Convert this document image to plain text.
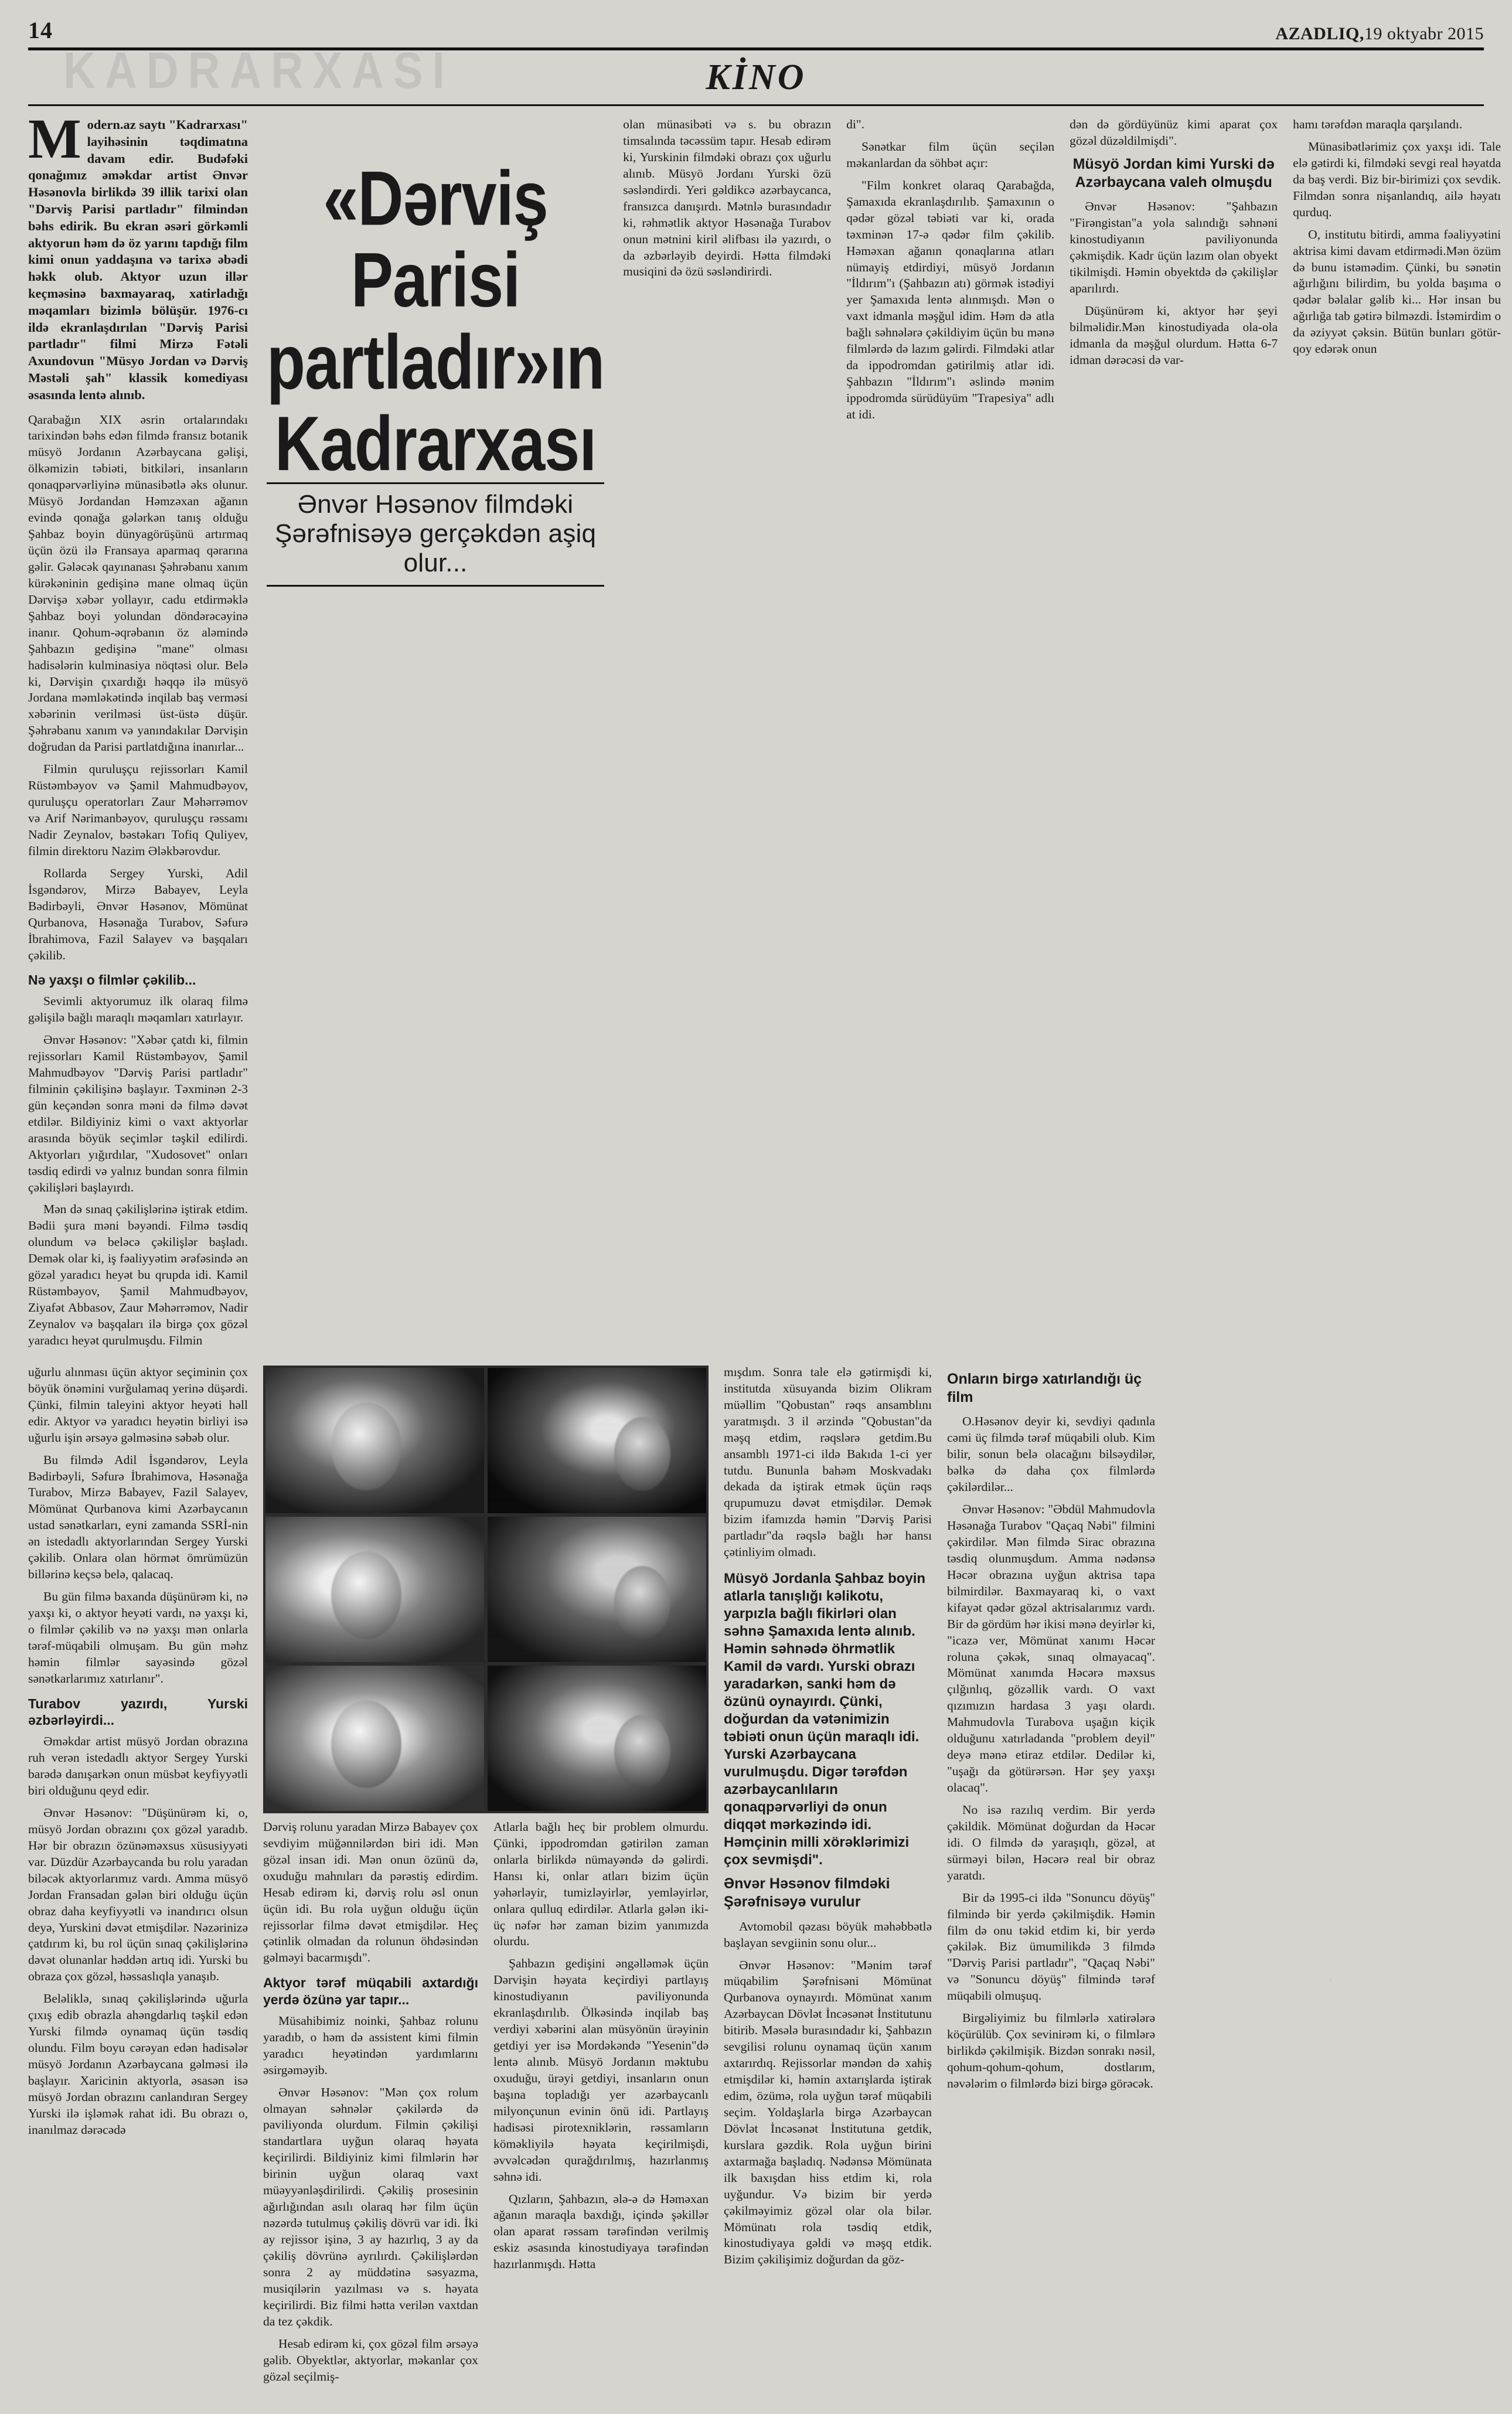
14	AZADLIQ,19 oktyabr 2015
KADRARXASI	KİNO
Modern.az saytı "Kadrarxası" layihəsinin təqdimatına davam edir. Budəfəki qonağımız əməkdar artist Ənvər Həsənovla birlikdə 39 illik tarixi olan "Dərviş Parisi partladır" filmindən bəhs edirik. Bu ekran əsəri görkəmli aktyorun həm də öz yarını tapdığı film kimi onun yaddaşına və tarixə əbədi həkk olub. Aktyor uzun illər keçməsinə baxmayaraq, xatirladığı məqamları bizimlə bölüşür. 1976-cı ildə ekranlaşdırılan "Dərviş Parisi partladır" filmi Mirzə Fətəli Axundovun "Müsyo Jordan və Dərviş Məstəli şah" klassik komediyası əsasında lentə alınıb.

Qarabağın XIX əsrin ortalarındakı tarixindən bəhs edən filmdə fransız botanik müsyö Jordanın Azərbaycana gəlişi, ölkəmizin təbiəti, bitkiləri, insanların qonaqpərvərliyinə münasibətlə əks olunur. Müsyö Jordandan Həmzəxan ağanın evində qonağa gələrkən tanış olduğu Şahbaz boyin dünyagörüşünü artırmaq üçün özü ilə Fransaya aparmaq qərarına gəlir. Gələcək qayınanası Şəhrəbanu xanım kürəkəninin gedişinə mane olmaq üçün Dərvişə xəbər yollayır, cadu etdirməklə Şahbaz boyi yolundan döndərəcəyinə inanır. Qohum-əqrəbanın öz aləmində Şahbazın gedişinə "mane" olması hadisələrin kulminasiya nöqtəsi olur. Belə ki, Dərvişin çıxardığı həqqə ilə müsyö Jordana məmləkətində inqilab baş verməsi xəbərinin verilməsi üst-üstə düşür. Şəhrəbanu xanım və yanındakılar Dərvişin doğrudan da Parisi partlatdığına inanırlar...

Filmin quruluşçu rejissorları Kamil Rüstəmbəyov və Şamil Mahmudbəyov, quruluşçu operatorları Zaur Məhərrəmov və Arif Nərimanbəyov, quruluşçu rəssamı Nadir Zeynalov, bəstəkarı Tofiq Quliyev, filmin direktoru Nazim Ələkbərovdur.

Rollarda Sergey Yurski, Adil İsgəndərov, Mirzə Babayev, Leyla Bədirbəyli, Ənvər Həsənov, Mömünat Qurbanova, Həsənağa Turabov, Səfurə İbrahimova, Fazil Salayev və başqaları çəkilib.

Nə yaxşı o filmlər çəkilib...

Sevimli aktyorumuz ilk olaraq filmə gəlişilə bağlı maraqlı məqamları xatırlayır.

Ənvər Həsənov: "Xəbər çatdı ki, filmin rejissorları Kamil Rüstəmbəyov, Şamil Mahmudbəyov "Dərviş Parisi partladır" filminin çəkilişinə başlayır. Təxminən 2-3 gün keçəndən sonra məni də filmə dəvət etdilər. Bildiyiniz kimi o vaxt aktyorlar arasında böyük seçimlər təşkil edilirdi. Aktyorları yığırdılar, "Xudosovet" onları təsdiq edirdi və yalnız bundan sonra filmin çəkilişləri başlayırdı.

Mən də sınaq çəkilişlərinə iştirak etdim. Bədii şura məni bəyəndi. Filmə təsdiq olundum və beləcə çəkilişlər başladı. Demək olar ki, iş fəaliyyətim ərəfəsində ən gözəl yaradıcı heyət bu qrupda idi. Kamil Rüstəmbəyov, Şamil Mahmudbəyov, Ziyafət Abbasov, Zaur Məhərrəmov, Nadir Zeynalov və başqaları ilə birgə çox gözəl yaradıcı heyət qurulmuşdu. Filmin

«Dərviş Parisi
partladır»ın Kadrarxası
Ənvər Həsənov filmdəki Şərəfnisəyə gerçəkdən aşiq olur...

olan münasibəti və s. bu obrazın timsalında təcəssüm tapır. Hesab edirəm ki, Yurskinin filmdəki obrazı çox uğurlu alınıb. Müsyö Jordanı Yurski özü səsləndirdi. Yeri gəldikcə azərbaycanca, fransızca danışırdı. Mətnlə burasındadır ki, rəhmətlik aktyor Həsənağa Turabov onun mətnini kiril əlifbası ilə yazırdı, o da əzbərləyib deyirdi. Hətta filmdəki musiqini də özü səsləndirirdi.

di".

Sənətkar film üçün seçilən məkanlardan da söhbət açır:

"Film konkret olaraq Qarabağda, Şamaxıda ekranlaşdırılıb. Şamaxının o qədər gözəl təbiəti var ki, orada təxminən 17-ə qədər film çəkilib. Həməxan ağanın qonaqlarına atları nümayiş etdirdiyi, müsyö Jordanın "İldırım"ı (Şahbazın atı) görmək istədiyi yer Şamaxıda lentə alınmışdı. Mən o vaxt idmanla məşğul idim. Həm də atla bağlı səhnələrə çəkildiyim üçün bu mənə filmlərdə də lazım gəlirdi. Filmdəki atlar da ippodromdan gətirilmiş atlar idi. Şahbazın "İldırım"ı əslində mənim ippodromda sürüdüyüm "Trapesiya" adlı at idi.

dən də gördüyünüz kimi aparat çox gözəl düzəldilmişdi".

Müsyö Jordan kimi Yurski də Azərbaycana valeh olmuşdu

Ənvər Həsənov: "Şahbazın "Firəngistan"a yola salındığı səhnəni kinostudiyanın paviliyonunda çəkmişdik. Kadr üçün lazım olan obyekt tikilmişdi. Həmin obyektdə də çəkilişlər aparılırdı.

Düşünürəm ki, aktyor hər şeyi bilməlidir.Mən kinostudiyada ola-ola idmanla da məşğul olurdum. Hətta 6-7 idman dərəcəsi də var-

hamı tərəfdən maraqla qarşılandı.

Münasibətlərimiz çox yaxşı idi. Tale elə gətirdi ki, filmdəki sevgi real həyatda da baş verdi. Biz bir-birimizi çox sevdik. Filmdən sonra nişanlandıq, ailə həyatı qurduq.

O, institutu bitirdi, amma fəaliyyətini aktrisa kimi davam etdirmədi.Mən özüm də bunu istəmədim. Çünki, bu sənətin ağırlığını bilirdim, bu yolda başıma o qədər bəlalar gəlib ki... Hər insan bu ağırlığa tab gətirə bilməzdi. İstəmirdim o da əziyyət çəksin. Bütün bunları götür-qoy edərək onun

uğurlu alınması üçün aktyor seçiminin çox böyük önəmini vurğulamaq yerinə düşərdi. Çünki, filmin taleyini aktyor heyəti həll edir. Aktyor və yaradıcı heyətin birliyi isə uğurlu işin ərsəyə gəlməsinə səbəb olur.

Bu filmdə Adil İsgəndərov, Leyla Bədirbəyli, Səfurə İbrahimova, Həsənağa Turabov, Mirzə Babayev, Fazil Salayev, Mömünat Qurbanova kimi Azərbaycanın ustad sənətkarları, eyni zamanda SSRİ-nin ən istedadlı aktyorlarından Sergey Yurski çəkilib. Onlara olan hörmət ömrümüzün billərinə keçsə belə, qalacaq.

Bu gün filmə baxanda düşünürəm ki, nə yaxşı ki, o aktyor heyəti vardı, nə yaxşı ki, o filmlər çəkilib və nə yaxşı mən onlarla tərəf-müqabili olmuşam. Bu gün məhz həmin filmlər sayəsində gözəl sənətkarlarımız xatırlanır".

Turabov yazırdı, Yurski əzbərləyirdi...

Əməkdar artist müsyö Jordan obrazına ruh verən istedadlı aktyor Sergey Yurski barədə danışarkən onun müsbət keyfiyyətli biri olduğunu qeyd edir.

Ənvər Həsənov: "Düşünürəm ki, o, müsyö Jordan obrazını çox gözəl yaradıb. Hər bir obrazın özünəməxsus xüsusiyyəti var. Düzdür Azərbaycanda bu rolu yaradan biləcək aktyorlarımız vardı. Amma müsyö Jordan Fransadan gələn biri olduğu üçün obraz daha keyfiyyətli və inandırıcı olsun deyə, Yurskini dəvət etmişdilər. Nəzərinizə çatdırım ki, bu rol üçün sınaq çəkilişlərinə dəvət olunanlar həddən artıq idi. Yurski bu obraza çox gözəl, həssaslıqla yanaşıb.

Beləliklə, sınaq çəkilişlərində uğurla çıxış edib obrazla ahəngdarlıq təşkil edən Yurski filmdə oynamaq üçün təsdiq olundu. Film boyu cərəyan edən hadisələr müsyö Jordanın Azərbaycana gəlməsi ilə başlayır. Xaricinin aktyorla, əsasən isə müsyö Jordan obrazını canlandıran Sergey Yurski ilə işləmək rahat idi. Bu obrazı o, inanılmaz dərəcədə

Dərviş rolunu yaradan Mirzə Babayev çox sevdiyim müğənnilərdən biri idi. Mən gözəl insan idi. Mən onun özünü də, oxuduğu mahnıları da pərəstiş edirdim. Hesab edirəm ki, dərviş rolu əsl onun üçün idi. Bu rola uyğun olduğu üçün rejissorlar filmə dəvət etmişdilər. Heç çətinlik olmadan da rolunun öhdəsindən gəlməyi bacarmışdı".

Aktyor tərəf müqabili axtardığı yerdə özünə yar tapır...

Müsahibimiz noinki, Şahbaz rolunu yaradıb, o həm də assistent kimi filmin yaradıcı heyətindən yardımlarını əsirgəməyib.

Ənvər Həsənov: "Mən çox rolum olmayan səhnələr çəkilərdə də paviliyonda olurdum. Filmin çəkilişi standartlara uyğun olaraq həyata keçirilirdi. Bildiyiniz kimi filmlərin hər birinin uyğun olaraq vaxt müəyyənləşdirilirdi. Çəkiliş prosesinin ağırlığından asılı olaraq hər film üçün nəzərdə tutulmuş çəkiliş dövrü var idi. İki ay rejissor işinə, 3 ay hazırlıq, 3 ay da çəkiliş dövrünə ayrılırdı. Çəkilişlərdən sonra 2 ay müddətinə səsyazma, musiqilərin yazılması və s. həyata keçirilirdi. Biz filmi hətta verilən vaxtdan da tez çəkdik.

Hesab edirəm ki, çox gözəl film ərsəyə gəlib. Obyektlər, aktyorlar, məkanlar çox gözəl seçilmiş-

Atlarla bağlı heç bir problem olmurdu. Çünki, ippodromdan gətirilən zaman onlarla birlikdə nümayəndə də gəlirdi. Hansı ki, onlar atları bizim üçün yəhərləyir, tumizləyirlər, yemləyirlər, onlara qulluq edirdilər. Atlarla gələn iki-üç nəfər hər zaman bizim yanımızda olurdu.

Şahbazın gedişini əngəlləmək üçün Dərvişin həyata keçirdiyi partlayış kinostudiyanın paviliyonunda ekranlaşdırılıb. Ölkəsində inqilab baş verdiyi xəbərini alan müsyönün ürəyinin getdiyi yer isə Mordəkəndə "Yesenin"də lentə alınıb. Müsyö Jordanın məktubu oxuduğu, ürəyi getdiyi, insanların onun başına topladığı yer azərbaycanlı milyonçunun evinin önü idi. Partlayış hadisəsi pirotexniklərin, rəssamların köməkliyilə həyata keçirilmişdi, əvvəlcədən qurağdırılmış, hazırlanmış səhnə idi.

Qızların, Şahbazın, ələ-ə də Həməxan ağanın maraqla baxdığı, içində şəkillər olan aparat rəssam tərəfindən verilmiş eskiz əsasında kinostudiyaya tərəfindən hazırlanmışdı. Hətta

mışdım. Sonra tale elə gətirmişdi ki, institutda xüsuyanda bizim Olikram müəllim "Qobustan" rəqs ansamblını yaratmışdı. 3 il ərzində "Qobustan"da məşq etdim, rəqslərə getdim.Bu ansamblı 1971-ci ildə Bakıda 1-ci yer tutdu. Bununla bahəm Moskvadakı dekada da iştirak etmək üçün rəqs qrupumuzu dəvət etmişdilər. Demək bizim ifamızda həmin "Dərviş Parisi partladır"da rəqslə bağlı hər hansı çətinliyim olmadı.

Müsyö Jordanla Şahbaz boyin atlarla tanışlığı kəlikotu, yarpızla bağlı fikirləri olan səhnə Şamaxıda lentə alınıb. Həmin səhnədə öhrmətlik Kamil də vardı. Yurski obrazı yaradarkən, sanki həm də özünü oynayırdı. Çünki, doğurdan da vətənimizin təbiəti onun üçün maraqlı idi. Yurski Azərbaycana vurulmuşdu. Digər tərəfdən azərbaycanlıların qonaqpərvərliyi də onun diqqət mərkəzində idi. Həmçinin milli xörəklərimizi çox sevmişdi".
Ənvər Həsənov filmdəki Şərəfnisəyə vurulur

Avtomobil qəzası böyük məhəbbətlə başlayan sevgiinin sonu olur...

Ənvər Həsənov: "Mənim tərəf müqabilim Şərəfnisəni Mömünat Qurbanova oynayırdı. Mömünat xanım Azərbaycan Dövlət İncəsənət İnstitutunu bitirib. Məsələ burasındadır ki, Şahbazın sevgilisi rolunu oynamaq üçün xanım axtarırdıq. Rejissorlar məndən də xahiş etmişdilər ki, həmin axtarışlarda iştirak edim, özümə, rola uyğun tərəf müqabili seçim. Yoldaşlarla birgə Azərbaycan Dövlət İncəsənət İnstitutuna getdik, kurslara gəzdik. Rola uyğun birini axtarmağa başladıq. Nədənsə Mömünata ilk baxışdan hiss etdim ki, rola uyğundur. Və bizim bir yerdə çəkilməyimiz gözəl olar ola bilər. Mömünatı rola təsdiq etdik, kinostudiyaya gəldi və məşq etdik. Bizim çəkilişimiz doğurdan da göz-

Onların birgə xatırlandığı üç film

O.Həsənov deyir ki, sevdiyi qadınla cəmi üç filmdə tərəf müqabili olub. Kim bilir, sonun belə olacağını bilsəydilər, bəlkə də daha çox filmlərdə çəkilərdilər...

Ənvər Həsənov: "Əbdül Mahmudovla Həsənağa Turabov "Qaçaq Nəbi" filmini çəkirdilər. Mən filmdə Sirac obrazına təsdiq olunmuşdum. Amma nədənsə Həcər obrazına uyğun aktrisa tapa bilmirdilər. Baxmayaraq ki, o vaxt kifayət qədər gözəl aktrisalarımız vardı. Bir də gördüm hər ikisi mənə deyirlər ki, "icazə ver, Mömünat xanımı Həcər roluna çəkək, sınaq olmayacaq". Mömünat xanımda Həcərə məxsus çılğınlıq, gözəllik vardı. O vaxt qızımızın hardasa 3 yaşı olardı. Mahmudovla Turabova uşağın kiçik olduğunu xatırladanda "problem deyil" deyə mənə etiraz etdilər. Dedilər ki, "uşağı da götürərsən. Hər şey yaxşı olacaq".

No isə razılıq verdim. Bir yerdə çəkildik. Mömünat doğurdan da Həcər idi. O filmdə də yaraşıqlı, gözəl, at sürməyi bilən, Həcərə real bir obraz yaratdı.

Bir də 1995-ci ildə "Sonuncu döyüş" filmində bir yerdə çəkilmişdik. Həmin film də onu təkid etdim ki, bir yerdə çəkilək. Biz ümumilikdə 3 filmdə "Dərviş Parisi partladır", "Qaçaq Nəbi" və "Sonuncu döyüş" filmində tərəf müqabili olmuşuq.

Birgəliyimiz bu filmlərlə xatirələrə köçürülüb. Çox sevinirəm ki, o filmlərə birlikdə çəkilmişik. Bizdən sonrakı nəsil, qohum-qohum-qohum, dostlarım, nəvələrim o filmlərdə bizi birgə görəcək.
